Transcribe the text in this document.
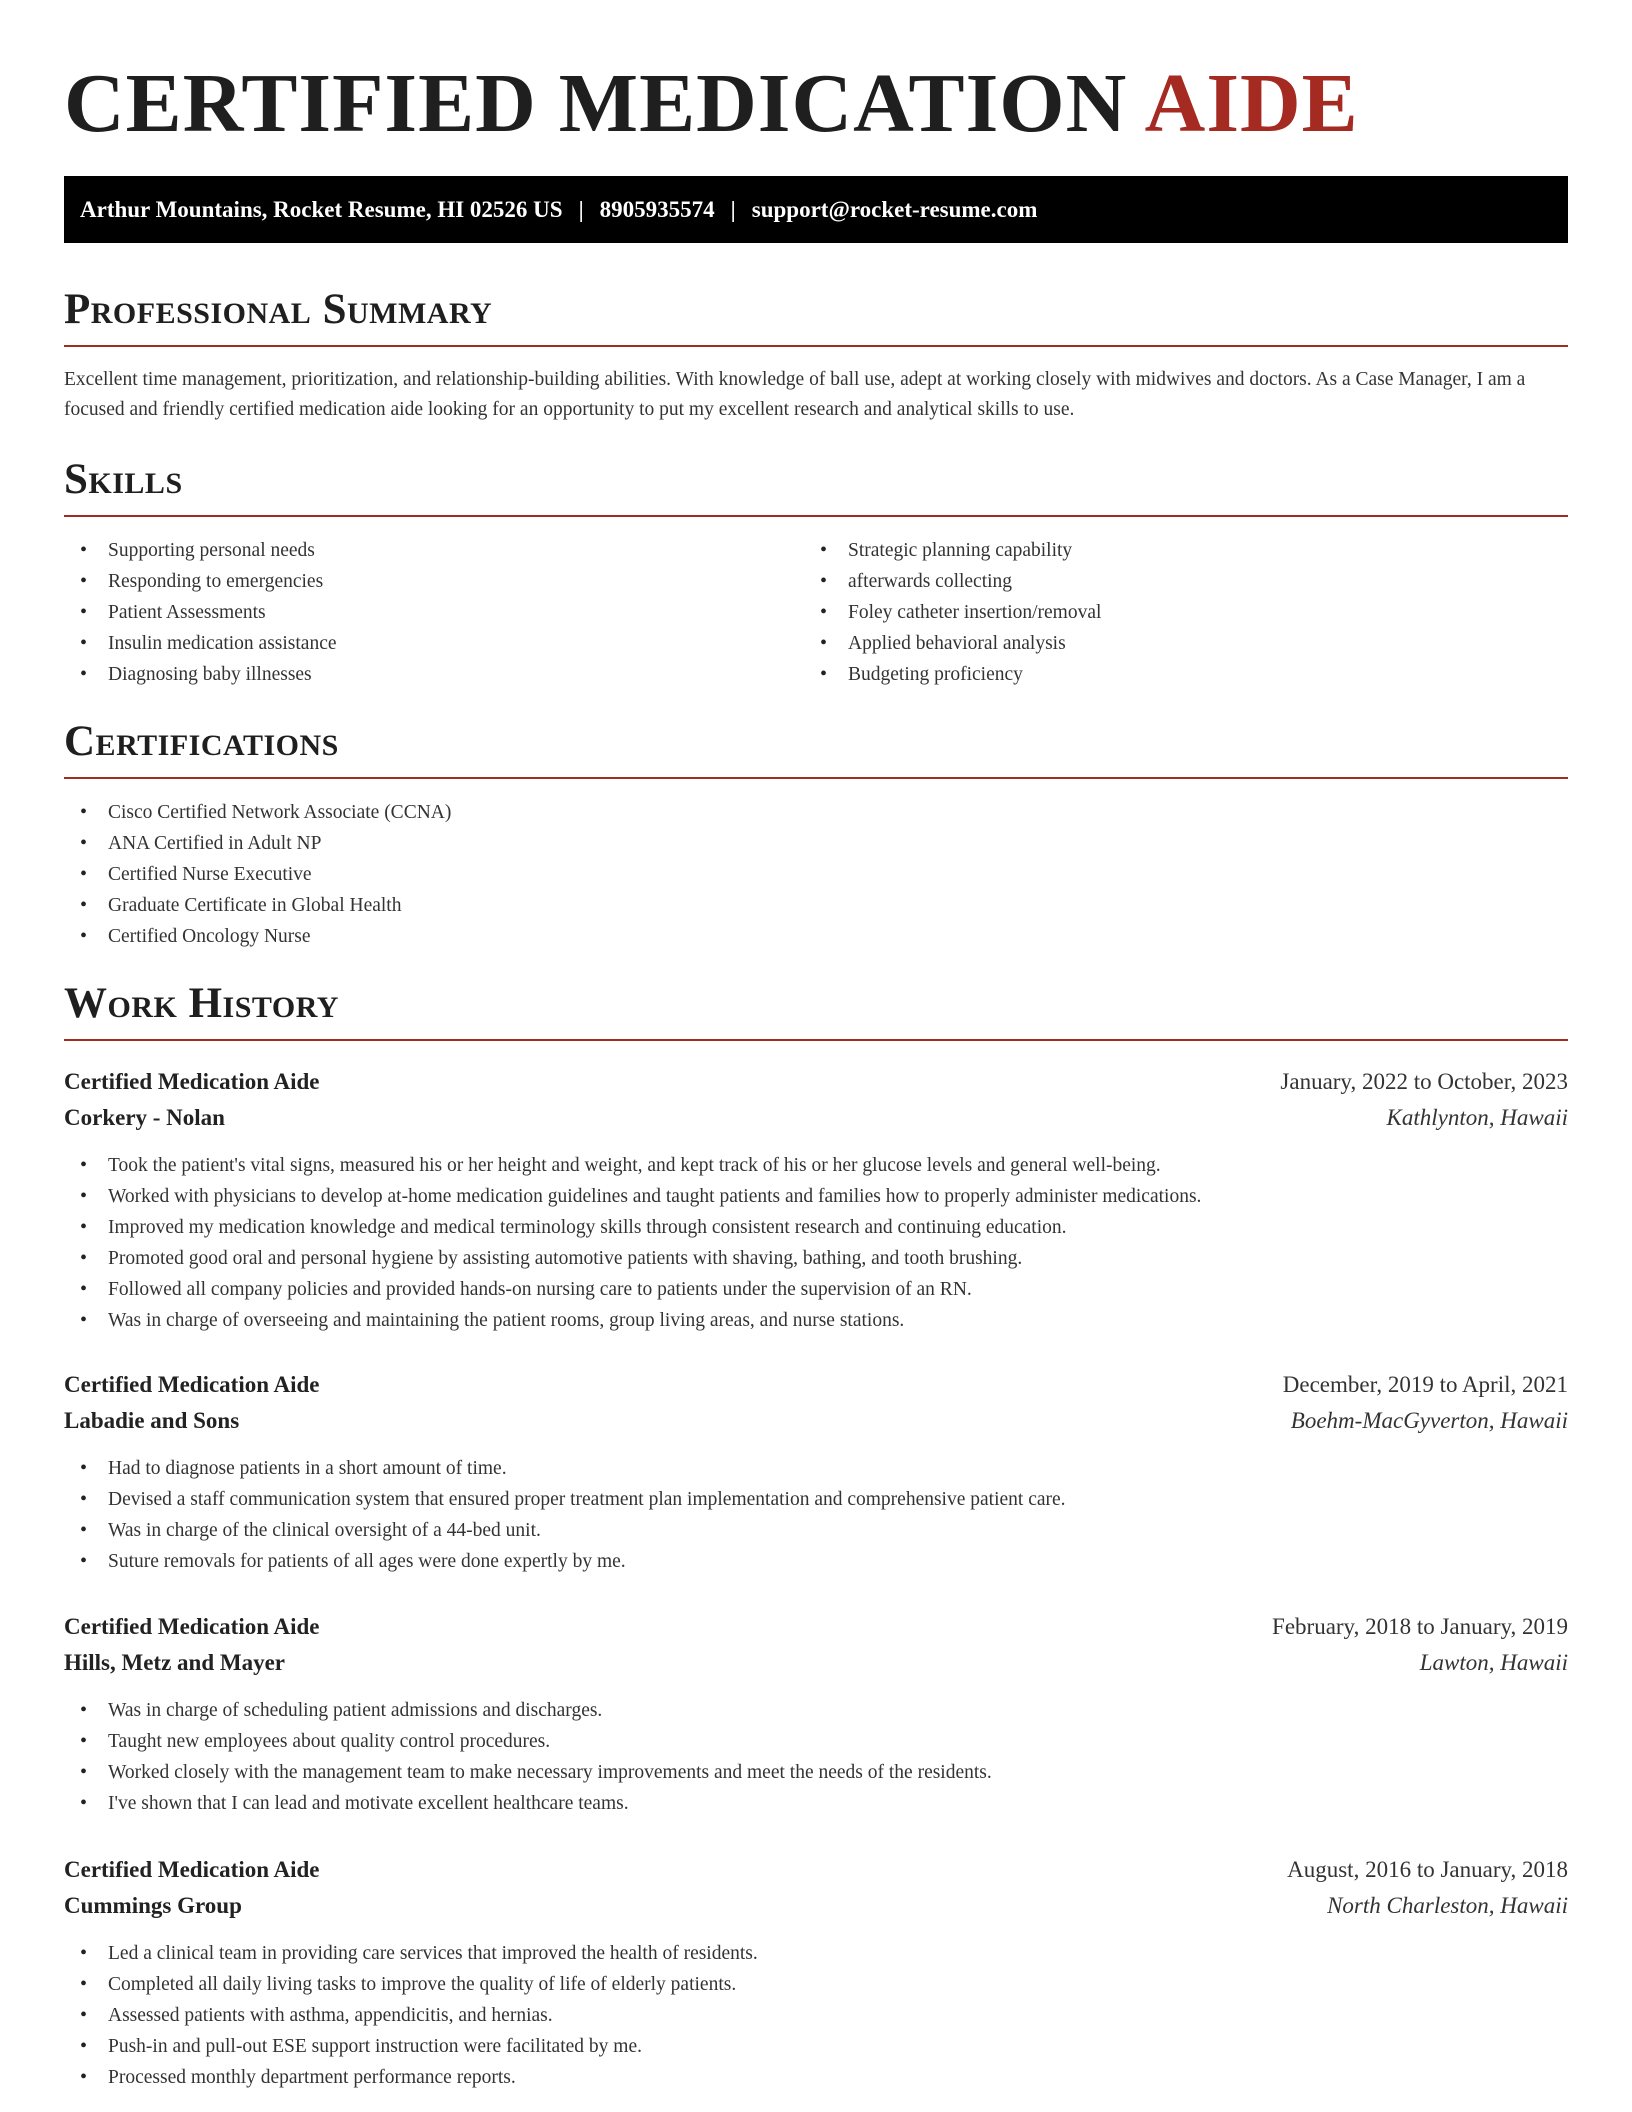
CERTIFIED MEDICATION AIDE
Arthur Mountains, Rocket Resume, HI 02526 US | 8905935574 | support@rocket-resume.com
Professional Summary

Excellent time management, prioritization, and relationship-building abilities. With knowledge of ball use, adept at working closely with midwives and doctors. As a Case Manager, I am a focused and friendly certified medication aide looking for an opportunity to put my excellent research and analytical skills to use.

Skills
• Supporting personal needs
• Responding to emergencies
• Patient Assessments
• Insulin medication assistance
• Diagnosing baby illnesses
• Strategic planning capability
• afterwards collecting
• Foley catheter insertion/removal
• Applied behavioral analysis
• Budgeting proficiency
Certifications
• Cisco Certified Network Associate (CCNA)
• ANA Certified in Adult NP
• Certified Nurse Executive
• Graduate Certificate in Global Health
• Certified Oncology Nurse
Work History
Certified Medication Aide	January, 2022 to October, 2023
Corkery - Nolan	Kathlynton, Hawaii
• Took the patient's vital signs, measured his or her height and weight, and kept track of his or her glucose levels and general well-being.
• Worked with physicians to develop at-home medication guidelines and taught patients and families how to properly administer medications.
• Improved my medication knowledge and medical terminology skills through consistent research and continuing education.
• Promoted good oral and personal hygiene by assisting automotive patients with shaving, bathing, and tooth brushing.
• Followed all company policies and provided hands-on nursing care to patients under the supervision of an RN.
• Was in charge of overseeing and maintaining the patient rooms, group living areas, and nurse stations.
Certified Medication Aide	December, 2019 to April, 2021
Labadie and Sons	Boehm-MacGyverton, Hawaii
• Had to diagnose patients in a short amount of time.
• Devised a staff communication system that ensured proper treatment plan implementation and comprehensive patient care.
• Was in charge of the clinical oversight of a 44-bed unit.
• Suture removals for patients of all ages were done expertly by me.
Certified Medication Aide	February, 2018 to January, 2019
Hills, Metz and Mayer	Lawton, Hawaii
• Was in charge of scheduling patient admissions and discharges.
• Taught new employees about quality control procedures.
• Worked closely with the management team to make necessary improvements and meet the needs of the residents.
• I've shown that I can lead and motivate excellent healthcare teams.
Certified Medication Aide	August, 2016 to January, 2018
Cummings Group	North Charleston, Hawaii
• Led a clinical team in providing care services that improved the health of residents.
• Completed all daily living tasks to improve the quality of life of elderly patients.
• Assessed patients with asthma, appendicitis, and hernias.
• Push-in and pull-out ESE support instruction were facilitated by me.
• Processed monthly department performance reports.
